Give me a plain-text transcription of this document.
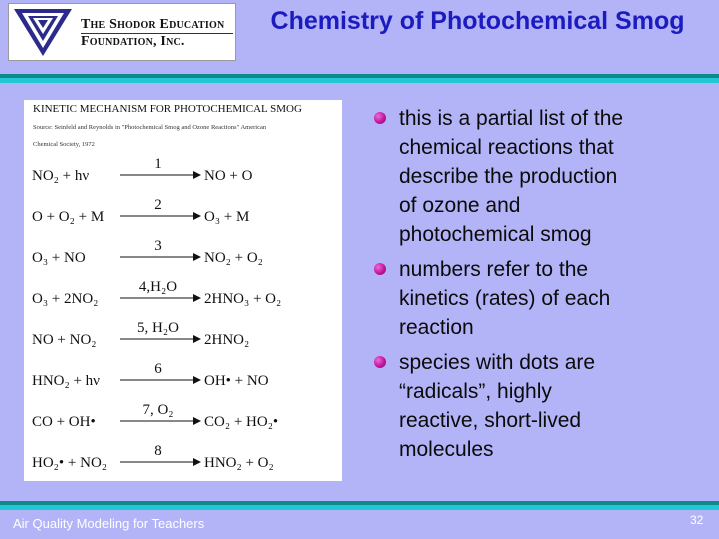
The Shodor Education
Foundation, Inc.
Chemistry of Photochemical Smog
KINETIC MECHANISM FOR PHOTOCHEMICAL SMOG
Source: Seinfeld and Reynolds in "Photochemical Smog and Ozone Reactions" American
Chemical Society, 1972
NO₂ + hν
1
NO + O
O + O₂ + M
2
O₃ + M
O₃ + NO
3
NO₂ + O₂
O₃ + 2NO₂
4,H₂O
2HNO₃ + O₂
NO + NO₂
5, H₂O
2HNO₂
HNO₂ + hν
6
OH• + NO
CO + OH•
7, O₂
CO₂ + HO₂•
HO₂• + NO₂
8
HNO₂ + O₂
this is a partial list of the
chemical reactions that
describe the production
of ozone and
photochemical smog
numbers refer to the
kinetics (rates) of each
reaction
species with dots are
“radicals”, highly
reactive, short-lived
molecules
Air Quality Modeling for Teachers	32
